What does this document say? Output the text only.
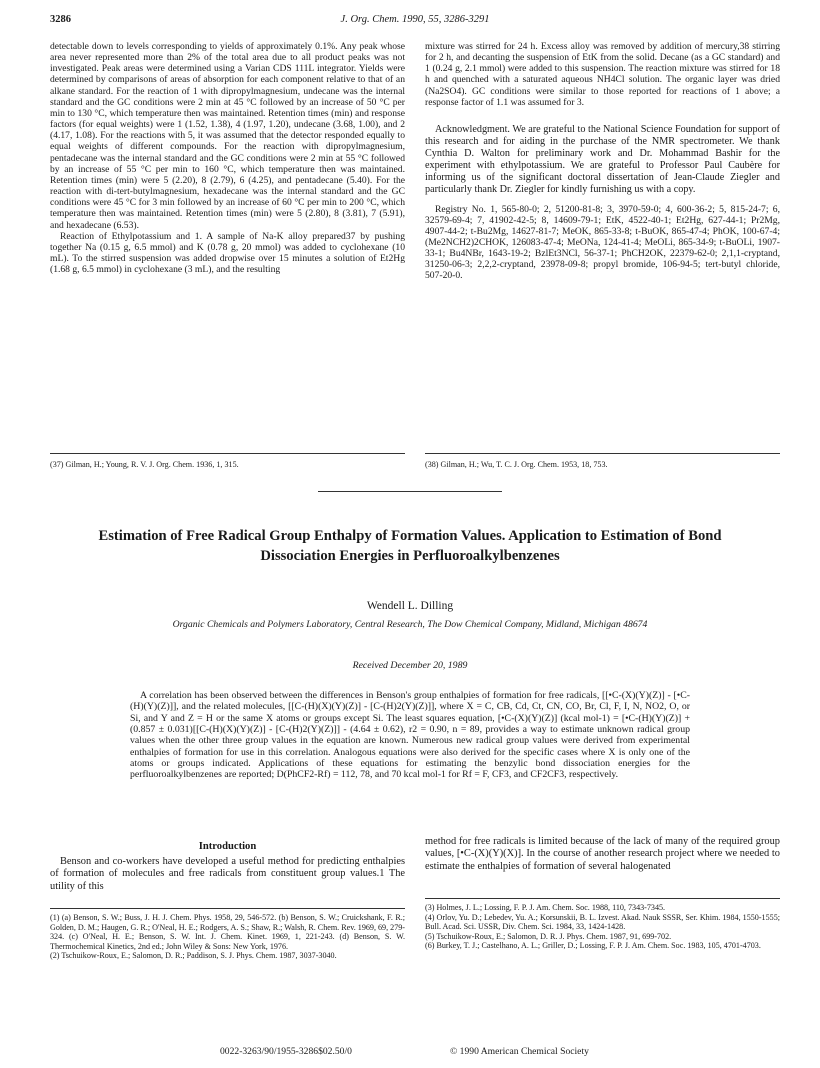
3286	J. Org. Chem. 1990, 55, 3286-3291

detectable down to levels corresponding to yields of approximately 0.1%. Any peak whose area never represented more than 2% of the total area due to all product peaks was not investigated. Peak areas were determined using a Varian CDS 111L integrator. Yields were determined by comparisons of areas of absorption for each component relative to that of an alkane standard. For the reaction of 1 with dipropylmagnesium, undecane was the internal standard and the GC conditions were 2 min at 45 °C followed by an increase of 50 °C per min to 130 °C, which temperature then was maintained. Retention times (min) and response factors (for equal weights) were 1 (1.52, 1.38), 4 (1.97, 1.20), undecane (3.68, 1.00), and 2 (4.17, 1.08). For the reactions with 5, it was assumed that the detector responded equally to equal weights of different compounds. For the reaction with dipropylmagnesium, pentadecane was the internal standard and the GC conditions were 2 min at 55 °C followed by an increase of 55 °C per min to 160 °C, which temperature then was maintained. Retention times (min) were 5 (2.20), 8 (2.79), 6 (4.25), and pentadecane (5.40). For the reaction with di-tert-butylmagnesium, hexadecane was the internal standard and the GC conditions were 45 °C for 3 min followed by an increase of 60 °C per min to 200 °C, which temperature then was maintained. Retention times (min) were 5 (2.80), 8 (3.81), 7 (5.91), and hexadecane (6.53).

Reaction of Ethylpotassium and 1. A sample of Na-K alloy prepared37 by pushing together Na (0.15 g, 6.5 mmol) and K (0.78 g, 20 mmol) was added to cyclohexane (10 mL). To the stirred suspension was added dropwise over 15 minutes a solution of Et2Hg (1.68 g, 6.5 mmol) in cyclohexane (3 mL), and the resulting

(37) Gilman, H.; Young, R. V. J. Org. Chem. 1936, 1, 315.

mixture was stirred for 24 h. Excess alloy was removed by addition of mercury,38 stirring for 2 h, and decanting the suspension of EtK from the solid. Decane (as a GC standard) and 1 (0.24 g, 2.1 mmol) were added to this suspension. The reaction mixture was stirred for 18 h and quenched with a saturated aqueous NH4Cl solution. The organic layer was dried (Na2SO4). GC conditions were similar to those reported for reactions of 1 above; a response factor of 1.1 was assumed for 3.

Acknowledgment. We are grateful to the National Science Foundation for support of this research and for aiding in the purchase of the NMR spectrometer. We thank Cynthia D. Walton for preliminary work and Dr. Mohammad Bashir for the experiment with ethylpotassium. We are grateful to Professor Paul Caubère for informing us of the significant doctoral dissertation of Jean-Claude Ziegler and particularly thank Dr. Ziegler for kindly furnishing us with a copy.

Registry No. 1, 565-80-0; 2, 51200-81-8; 3, 3970-59-0; 4, 600-36-2; 5, 815-24-7; 6, 32579-69-4; 7, 41902-42-5; 8, 14609-79-1; EtK, 4522-40-1; Et2Hg, 627-44-1; Pr2Mg, 4907-44-2; t-Bu2Mg, 14627-81-7; MeOK, 865-33-8; t-BuOK, 865-47-4; PhOK, 100-67-4; (Me2NCH2)2CHOK, 126083-47-4; MeONa, 124-41-4; MeOLi, 865-34-9; t-BuOLi, 1907-33-1; Bu4NBr, 1643-19-2; BzlEt3NCl, 56-37-1; PhCH2OK, 22379-62-0; 2,1,1-cryptand, 31250-06-3; 2,2,2-cryptand, 23978-09-8; propyl bromide, 106-94-5; tert-butyl chloride, 507-20-0.

(38) Gilman, H.; Wu, T. C. J. Org. Chem. 1953, 18, 753.
Estimation of Free Radical Group Enthalpy of Formation Values. Application to Estimation of Bond Dissociation Energies in Perfluoroalkylbenzenes
Wendell L. Dilling
Organic Chemicals and Polymers Laboratory, Central Research, The Dow Chemical Company, Midland, Michigan 48674
Received December 20, 1989

A correlation has been observed between the differences in Benson's group enthalpies of formation for free radicals, [[•C-(X)(Y)(Z)] - [•C-(H)(Y)(Z)]], and the related molecules, [[C-(H)(X)(Y)(Z)] - [C-(H)2(Y)(Z)]], where X = C, CB, Cd, Ct, CN, CO, Br, Cl, F, I, N, NO2, O, or Si, and Y and Z = H or the same X atoms or groups except Si. The least squares equation, [•C-(X)(Y)(Z)] (kcal mol-1) = [•C-(H)(Y)(Z)] + (0.857 ± 0.031)[[C-(H)(X)(Y)(Z)] - [C-(H)2(Y)(Z)]] - (4.64 ± 0.62), r2 = 0.90, n = 89, provides a way to estimate unknown radical group values when the other three group values in the equation are known. Numerous new radical group values were derived from experimental enthalpies of formation for use in this correlation. Analogous equations were also derived for the specific cases where X is only one of the atoms or groups indicated. Applications of these equations for estimating the benzylic bond dissociation energies for the perfluoroalkylbenzenes are reported; D(PhCF2-Rf) = 112, 78, and 70 kcal mol-1 for Rf = F, CF3, and CF2CF3, respectively.

Introduction

Benson and co-workers have developed a useful method for predicting enthalpies of formation of molecules and free radicals from constituent group values.1 The utility of this

method for free radicals is limited because of the lack of many of the required group values, [•C-(X)(Y)(X)]. In the course of another research project where we needed to estimate the enthalpies of formation of several halogenated

(1) (a) Benson, S. W.; Buss, J. H. J. Chem. Phys. 1958, 29, 546-572. (b) Benson, S. W.; Cruickshank, F. R.; Golden, D. M.; Haugen, G. R.; O'Neal, H. E.; Rodgers, A. S.; Shaw, R.; Walsh, R. Chem. Rev. 1969, 69, 279-324. (c) O'Neal, H. E.; Benson, S. W. Int. J. Chem. Kinet. 1969, 1, 221-243. (d) Benson, S. W. Thermochemical Kinetics, 2nd ed.; John Wiley & Sons: New York, 1976.

(2) Tschuikow-Roux, E.; Salomon, D. R.; Paddison, S. J. Phys. Chem. 1987, 3037-3040.

(3) Holmes, J. L.; Lossing, F. P. J. Am. Chem. Soc. 1988, 110, 7343-7345.

(4) Orlov, Yu. D.; Lebedev, Yu. A.; Korsunskii, B. L. Izvest. Akad. Nauk SSSR, Ser. Khim. 1984, 1550-1555; Bull. Acad. Sci. USSR, Div. Chem. Sci. 1984, 33, 1424-1428.

(5) Tschuikow-Roux, E.; Salomon, D. R. J. Phys. Chem. 1987, 91, 699-702.

(6) Burkey, T. J.; Castelhano, A. L.; Griller, D.; Lossing, F. P. J. Am. Chem. Soc. 1983, 105, 4701-4703.

0022-3263/90/1955-3286$02.50/0	© 1990 American Chemical Society
